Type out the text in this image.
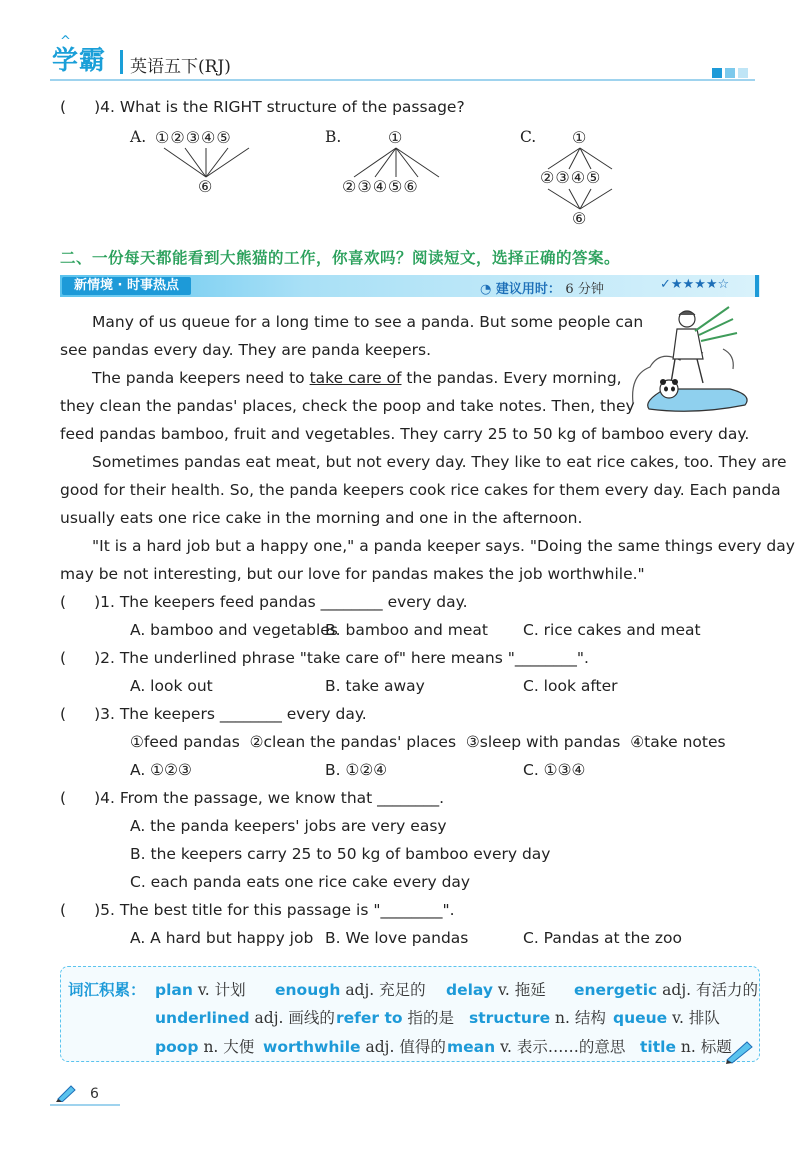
学霸
^
英语五下(RJ)
( )4. What is the RIGHT structure of the passage?
A. ①②③④⑤
⑥
B.	①
②③④⑤⑥
C. ①
②③④⑤
⑥
二、一份每天都能看到大熊猫的工作，你喜欢吗？阅读短文，选择正确的答案。
新情境 · 时事热点	◔ 建议用时： 6 分钟	✓★★★★☆
Many of us queue for a long time to see a panda. But some people can
see pandas every day. They are panda keepers.
The panda keepers need to take care of the pandas. Every morning,
they clean the pandas' places, check the poop and take notes. Then, they
feed pandas bamboo, fruit and vegetables. They carry 25 to 50 kg of bamboo every day.
Sometimes pandas eat meat, but not every day. They like to eat rice cakes, too. They are
good for their health. So, the panda keepers cook rice cakes for them every day. Each panda
usually eats one rice cake in the morning and one in the afternoon.
"It is a hard job but a happy one," a panda keeper says. "Doing the same things every day
may be not interesting, but our love for pandas makes the job worthwhile."
( )1. The keepers feed pandas ________ every day.
A. bamboo and vegetables
B. bamboo and meat C. rice cakes and meat
( )2. The underlined phrase "take care of" here means "________".
A. look out	B. take away	C. look after
( )3. The keepers ________ every day.
①feed pandas  ②clean the pandas' places  ③sleep with pandas  ④take notes
A. ①②③	B. ①②④	C. ①③④
( )4. From the passage, we know that ________.
A. the panda keepers' jobs are very easy
B. the keepers carry 25 to 50 kg of bamboo every day
C. each panda eats one rice cake every day
( )5. The best title for this passage is "________".
A. A hard but happy job B. We love pandas	C. Pandas at the zoo
词汇积累： plan v. 计划 enough adj. 充足的 delay v. 拖延 energetic adj. 有活力的
underlined adj. 画线的 refer to 指的是 structure n. 结构 queue v. 排队
poop n. 大便 worthwhile adj. 值得的 mean v. 表示……的意思 title n. 标题
6
